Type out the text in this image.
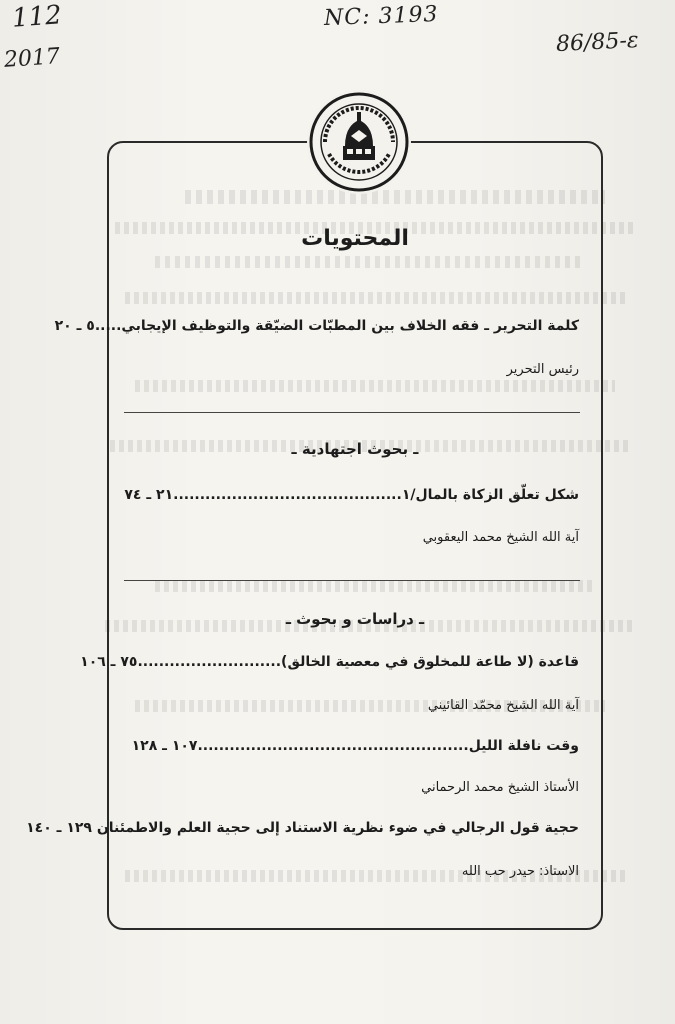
112
2017
NC: 3193
86/85-ε
المحتويات
كلمة التحرير ـ فقه الخلاف بين المطبّات الضيّقة والتوظيف الإيجابي.....٥ ـ ٢٠
رئيس التحرير
ـ بحوث اجتهادية ـ
شكل تعلّق الزكاة بالمال/١...........................................٢١ ـ ٧٤
آية الله الشيخ محمد اليعقوبي
ـ دراسات و بحوث ـ
قاعدة (لا طاعة للمخلوق في معصية الخالق)...........................٧٥ ـ ١٠٦
آية الله الشيخ محمّد القائيني
وقت نافلة الليل...................................................١٠٧ ـ ١٢٨
الأستاذ الشيخ محمد الرحماني
حجية قول الرجالي في ضوء نظرية الاستناد إلى حجية العلم والاطمئنان ١٢٩ ـ ١٤٠
الاستاذ: حيدر حب الله
